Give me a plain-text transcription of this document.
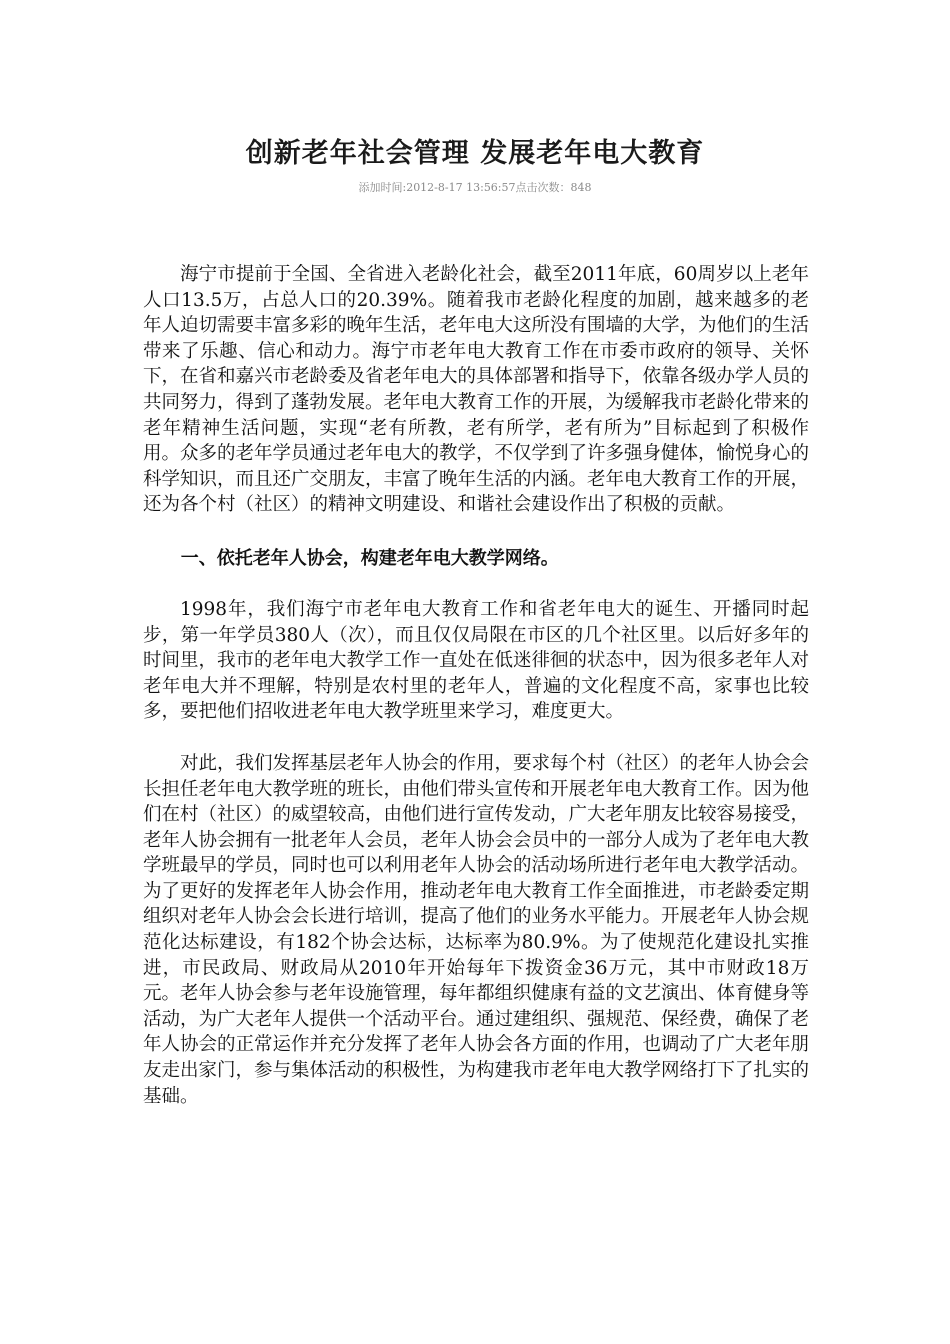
创新老年社会管理 发展老年电大教育
添加时间:2012-8-17 13:56:57点击次数：848

海宁市提前于全国、全省进入老龄化社会，截至2011年底，60周岁以上老年人口13.5万，占总人口的20.39%。随着我市老龄化程度的加剧，越来越多的老年人迫切需要丰富多彩的晚年生活，老年电大这所没有围墙的大学，为他们的生活带来了乐趣、信心和动力。海宁市老年电大教育工作在市委市政府的领导、关怀下，在省和嘉兴市老龄委及省老年电大的具体部署和指导下，依靠各级办学人员的共同努力，得到了蓬勃发展。老年电大教育工作的开展，为缓解我市老龄化带来的老年精神生活问题，实现“老有所教，老有所学，老有所为”目标起到了积极作用。众多的老年学员通过老年电大的教学，不仅学到了许多强身健体，愉悦身心的科学知识，而且还广交朋友，丰富了晚年生活的内涵。老年电大教育工作的开展，还为各个村（社区）的精神文明建设、和谐社会建设作出了积极的贡献。

一、依托老年人协会，构建老年电大教学网络。

1998年，我们海宁市老年电大教育工作和省老年电大的诞生、开播同时起步，第一年学员380人（次），而且仅仅局限在市区的几个社区里。以后好多年的时间里，我市的老年电大教学工作一直处在低迷徘徊的状态中，因为很多老年人对老年电大并不理解，特别是农村里的老年人，普遍的文化程度不高，家事也比较多，要把他们招收进老年电大教学班里来学习，难度更大。

对此，我们发挥基层老年人协会的作用，要求每个村（社区）的老年人协会会长担任老年电大教学班的班长，由他们带头宣传和开展老年电大教育工作。因为他们在村（社区）的威望较高，由他们进行宣传发动，广大老年朋友比较容易接受，老年人协会拥有一批老年人会员，老年人协会会员中的一部分人成为了老年电大教学班最早的学员，同时也可以利用老年人协会的活动场所进行老年电大教学活动。为了更好的发挥老年人协会作用，推动老年电大教育工作全面推进，市老龄委定期组织对老年人协会会长进行培训，提高了他们的业务水平能力。开展老年人协会规范化达标建设，有182个协会达标，达标率为80.9%。为了使规范化建设扎实推进，市民政局、财政局从2010年开始每年下拨资金36万元，其中市财政18万元。老年人协会参与老年设施管理，每年都组织健康有益的文艺演出、体育健身等活动，为广大老年人提供一个活动平台。通过建组织、强规范、保经费，确保了老年人协会的正常运作并充分发挥了老年人协会各方面的作用，也调动了广大老年朋友走出家门，参与集体活动的积极性，为构建我市老年电大教学网络打下了扎实的基础。
